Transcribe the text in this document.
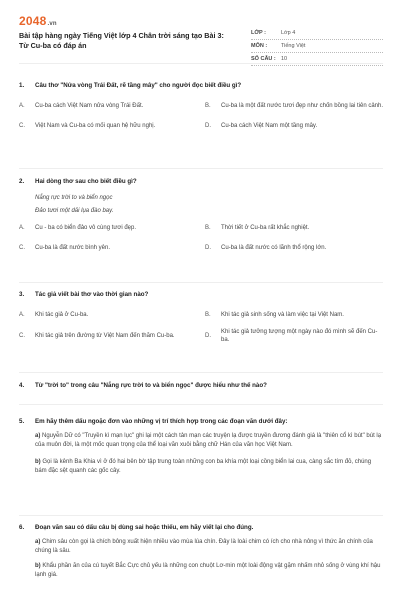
2048.vn
Bài tập hàng ngày Tiếng Việt lớp 4 Chân trời sáng tạo Bài 3: Từ Cu-ba có đáp án
LỚP :	Lớp 4
MÔN :	Tiếng Việt
SỐ CÂU : 10
1.	Câu thơ "Nửa vòng Trái Đất, rẽ tầng mây" cho người đọc biết điều gì?
A.	Cu-ba cách Việt Nam nửa vòng Trái Đất.	B.	Cu-ba là một đất nước tươi đẹp như chốn bồng lai tiên cảnh.
C.	Việt Nam và Cu-ba có mối quan hệ hữu nghị.	D.	Cu-ba cách Việt Nam một tầng mây.
2.	Hai dòng thơ sau cho biết điều gì?
Nắng rực trời to và biển ngọc
Đảo tươi một dải lụa đào bay.
A.	Cu - ba có biển đảo vô cùng tươi đẹp.	B.	Thời tiết ở Cu-ba rất khắc nghiệt.
C.	Cu-ba là đất nước bình yên.	D.	Cu-ba là đất nước có lãnh thổ rộng lớn.
3.	Tác giả viết bài thơ vào thời gian nào?
A.	Khi tác giả ở Cu-ba.	B.	Khi tác giả sinh sống và làm việc tại Việt Nam.
C.	Khi tác giả trên đường từ Việt Nam đến thăm Cu-ba.	D.
Khi tác giả tưởng tượng một ngày nào đó mình sẽ đến Cu-ba.
4.	Từ "trời to" trong câu "Nắng rực trời to và biển ngọc" được hiểu như thế nào?
5.	Em hãy thêm dấu ngoặc đơn vào những vị trí thích hợp trong các đoạn văn dưới đây:
a) Nguyễn Dữ có "Truyền kì mạn lục" ghi lại một cách tản mạn các truyện lạ được truyền đương đánh giá là "thiên cổ kì bút" bút lạ của muôn đời, là một mốc quan trọng của thể loại văn xuôi bằng chữ Hán của văn học Việt Nam.
b) Gọi là kênh Ba Khia vì ở đó hai bên bờ tập trung toàn những con ba khía một loại cồng biển lai cua, càng sắc tím đỏ, chúng bám đặc sệt quanh các gốc cây.
6.	Đoạn văn sau có dấu câu bị dùng sai hoặc thiếu, em hãy viết lại cho đúng.
a) Chim sâu còn gọi là chích bông xuất hiện nhiều vào mùa lúa chín. Đây là loài chim có ích cho nhà nông vì thức ăn chính của chúng là sâu.
b) Khẩu phần ăn của cú tuyết Bắc Cực chủ yếu là những con chuột Lơ-min một loài động vật gặm nhấm nhỏ sống ở vùng khí hậu lạnh giá.
